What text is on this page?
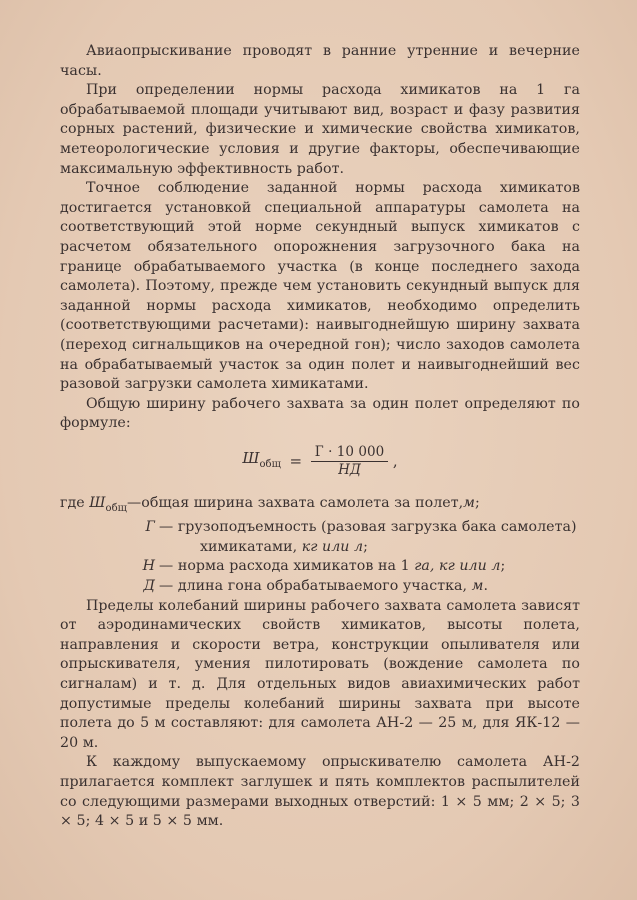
Авиаопрыскивание проводят в ранние утренние и вечерние часы.

При определении нормы расхода химикатов на 1 га обрабатываемой площади учитывают вид, возраст и фазу развития сорных растений, физические и химические свойства химикатов, метеорологические условия и другие факторы, обеспечивающие максимальную эффективность работ.

Точное соблюдение заданной нормы расхода химикатов достигается установкой специальной аппаратуры самолета на соответствующий этой норме секундный выпуск химикатов с расчетом обязательного опорожнения загрузочного бака на границе обрабатываемого участка (в конце последнего захода самолета). Поэтому, прежде чем установить секундный выпуск для заданной нормы расхода химикатов, необходимо определить (соответствующими расчетами): наивыгоднейшую ширину захвата (переход сигнальщиков на очередной гон); число заходов самолета на обрабатываемый участок за один полет и наивыгоднейший вес разовой загрузки самолета химикатами.

Общую ширину рабочего захвата за один полет определяют по формуле:

$Ш_{общ} = \frac{Г \cdot 10 000}{НД}$ ,
где
$Ш_{общ}$ — общая ширина захвата самолета за полет, м ;
Г — грузоподъемность (разовая загрузка бака самолета)
химикатами, кг или л;
Н — норма расхода химикатов на 1 га, кг или л;
Д — длина гона обрабатываемого участка, м.

Пределы колебаний ширины рабочего захвата самолета зависят от аэродинамических свойств химикатов, высоты полета, направления и скорости ветра, конструкции опыливателя или опрыскивателя, умения пилотировать (вождение самолета по сигналам) и т. д. Для отдельных видов авиахимических работ допустимые пределы колебаний ширины захвата при высоте полета до 5 м составляют: для самолета АН-2 — 25 м, для ЯК-12 — 20 м.

К каждому выпускаемому опрыскивателю самолета АН-2 прилагается комплект заглушек и пять комплектов распылителей со следующими размерами выходных отверстий: 1 × 5 мм; 2 × 5; 3 × 5; 4 × 5 и 5 × 5 мм.
